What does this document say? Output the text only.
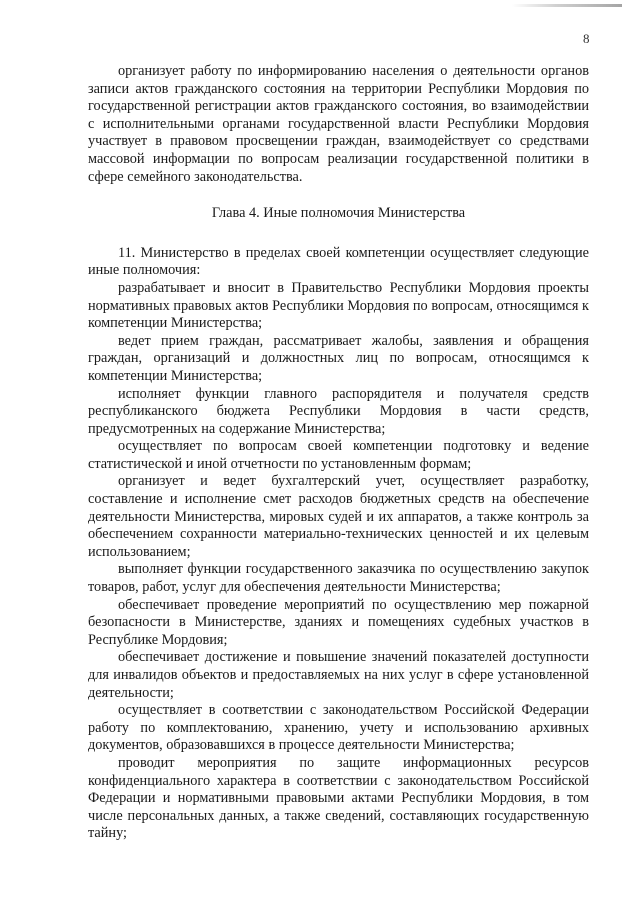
8

организует работу по информированию населения о деятельности органов записи актов гражданского состояния на территории Республики Мордовия по государственной регистрации актов гражданского состояния, во взаимодействии с исполнительными органами государственной власти Республики Мордовия участвует в правовом просвещении граждан, взаимодействует со средствами массовой информации по вопросам реализации государственной политики в сфере семейного законодательства.

Глава 4. Иные полномочия Министерства

11. Министерство в пределах своей компетенции осуществляет следующие иные полномочия:

разрабатывает и вносит в Правительство Республики Мордовия проекты нормативных правовых актов Республики Мордовия по вопросам, относящимся к компетенции Министерства;

ведет прием граждан, рассматривает жалобы, заявления и обращения граждан, организаций и должностных лиц по вопросам, относящимся к компетенции Министерства;

исполняет функции главного распорядителя и получателя средств республиканского бюджета Республики Мордовия в части средств, предусмотренных на содержание Министерства;

осуществляет по вопросам своей компетенции подготовку и ведение статистической и иной отчетности по установленным формам;

организует и ведет бухгалтерский учет, осуществляет разработку, составление и исполнение смет расходов бюджетных средств на обеспечение деятельности Министерства, мировых судей и их аппаратов, а также контроль за обеспечением сохранности материально-технических ценностей и их целевым использованием;

выполняет функции государственного заказчика по осуществлению закупок товаров, работ, услуг для обеспечения деятельности Министерства;

обеспечивает проведение мероприятий по осуществлению мер пожарной безопасности в Министерстве, зданиях и помещениях судебных участков в Республике Мордовия;

обеспечивает достижение и повышение значений показателей доступности для инвалидов объектов и предоставляемых на них услуг в сфере установленной деятельности;

осуществляет в соответствии с законодательством Российской Федерации работу по комплектованию, хранению, учету и использованию архивных документов, образовавшихся в процессе деятельности Министерства;

проводит мероприятия по защите информационных ресурсов конфиденциального характера в соответствии с законодательством Российской Федерации и нормативными правовыми актами Республики Мордовия, в том числе персональных данных, а также сведений, составляющих государственную тайну;
